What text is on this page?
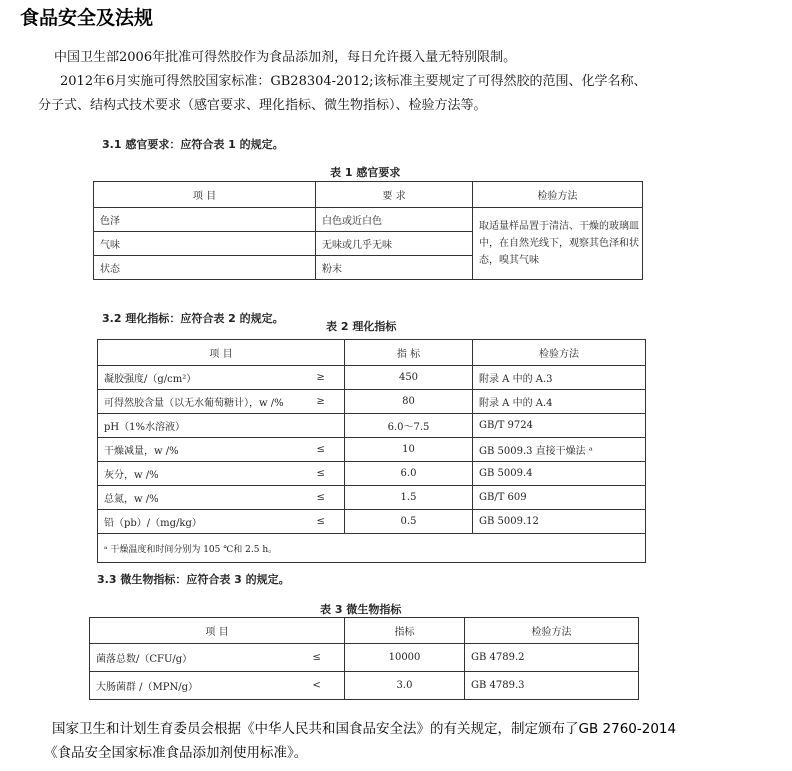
食品安全及法规
中国卫生部2006年批准可得然胶作为食品添加剂，每日允许摄入量无特别限制。
2012年6月实施可得然胶国家标准：GB28304-2012;该标准主要规定了可得然胶的范围、化学名称、
分子式、结构式技术要求（感官要求、理化指标、微生物指标）、检验方法等。
3.1 感官要求：应符合表 1 的规定。
表 1 感官要求
项 目	要 求	检验方法
色泽	白色或近白色	取适量样品置于清洁、干燥的玻璃皿
中，在自然光线下，观察其色泽和状
态，嗅其气味

气味	无味或几乎无味	
状态	粉末	
3.2 理化指标：应符合表 2 的规定。
表 2 理化指标
项 目		指 标	检验方法
凝胶强度/（g/cm²）	≥	450	附录 A 中的 A.3
可得然胶含量（以无水葡萄糖计），w /%	≥	80	附录 A 中的 A.4
pH（1%水溶液）		6.0～7.5	GB/T 9724
干燥减量，w /%	≤	10	GB 5009.3 直接干燥法 ᵃ
灰分，w /%	≤	6.0	GB 5009.4
总氮，w /%	≤	1.5	GB/T 609
铅（pb）/（mg/kg）	≤	0.5	GB 5009.12
ᵃ 干燥温度和时间分别为 105 ℃和 2.5 h。			
3.3 微生物指标：应符合表 3 的规定。
表 3 微生物指标
项 目		指标	检验方法
菌落总数/（CFU/g）	≤	10000	GB 4789.2
大肠菌群 /（MPN/g）	<	3.0	GB 4789.3
国家卫生和计划生育委员会根据《中华人民共和国食品安全法》的有关规定，制定颁布了GB 2760-2014
《食品安全国家标准食品添加剂使用标准》。
